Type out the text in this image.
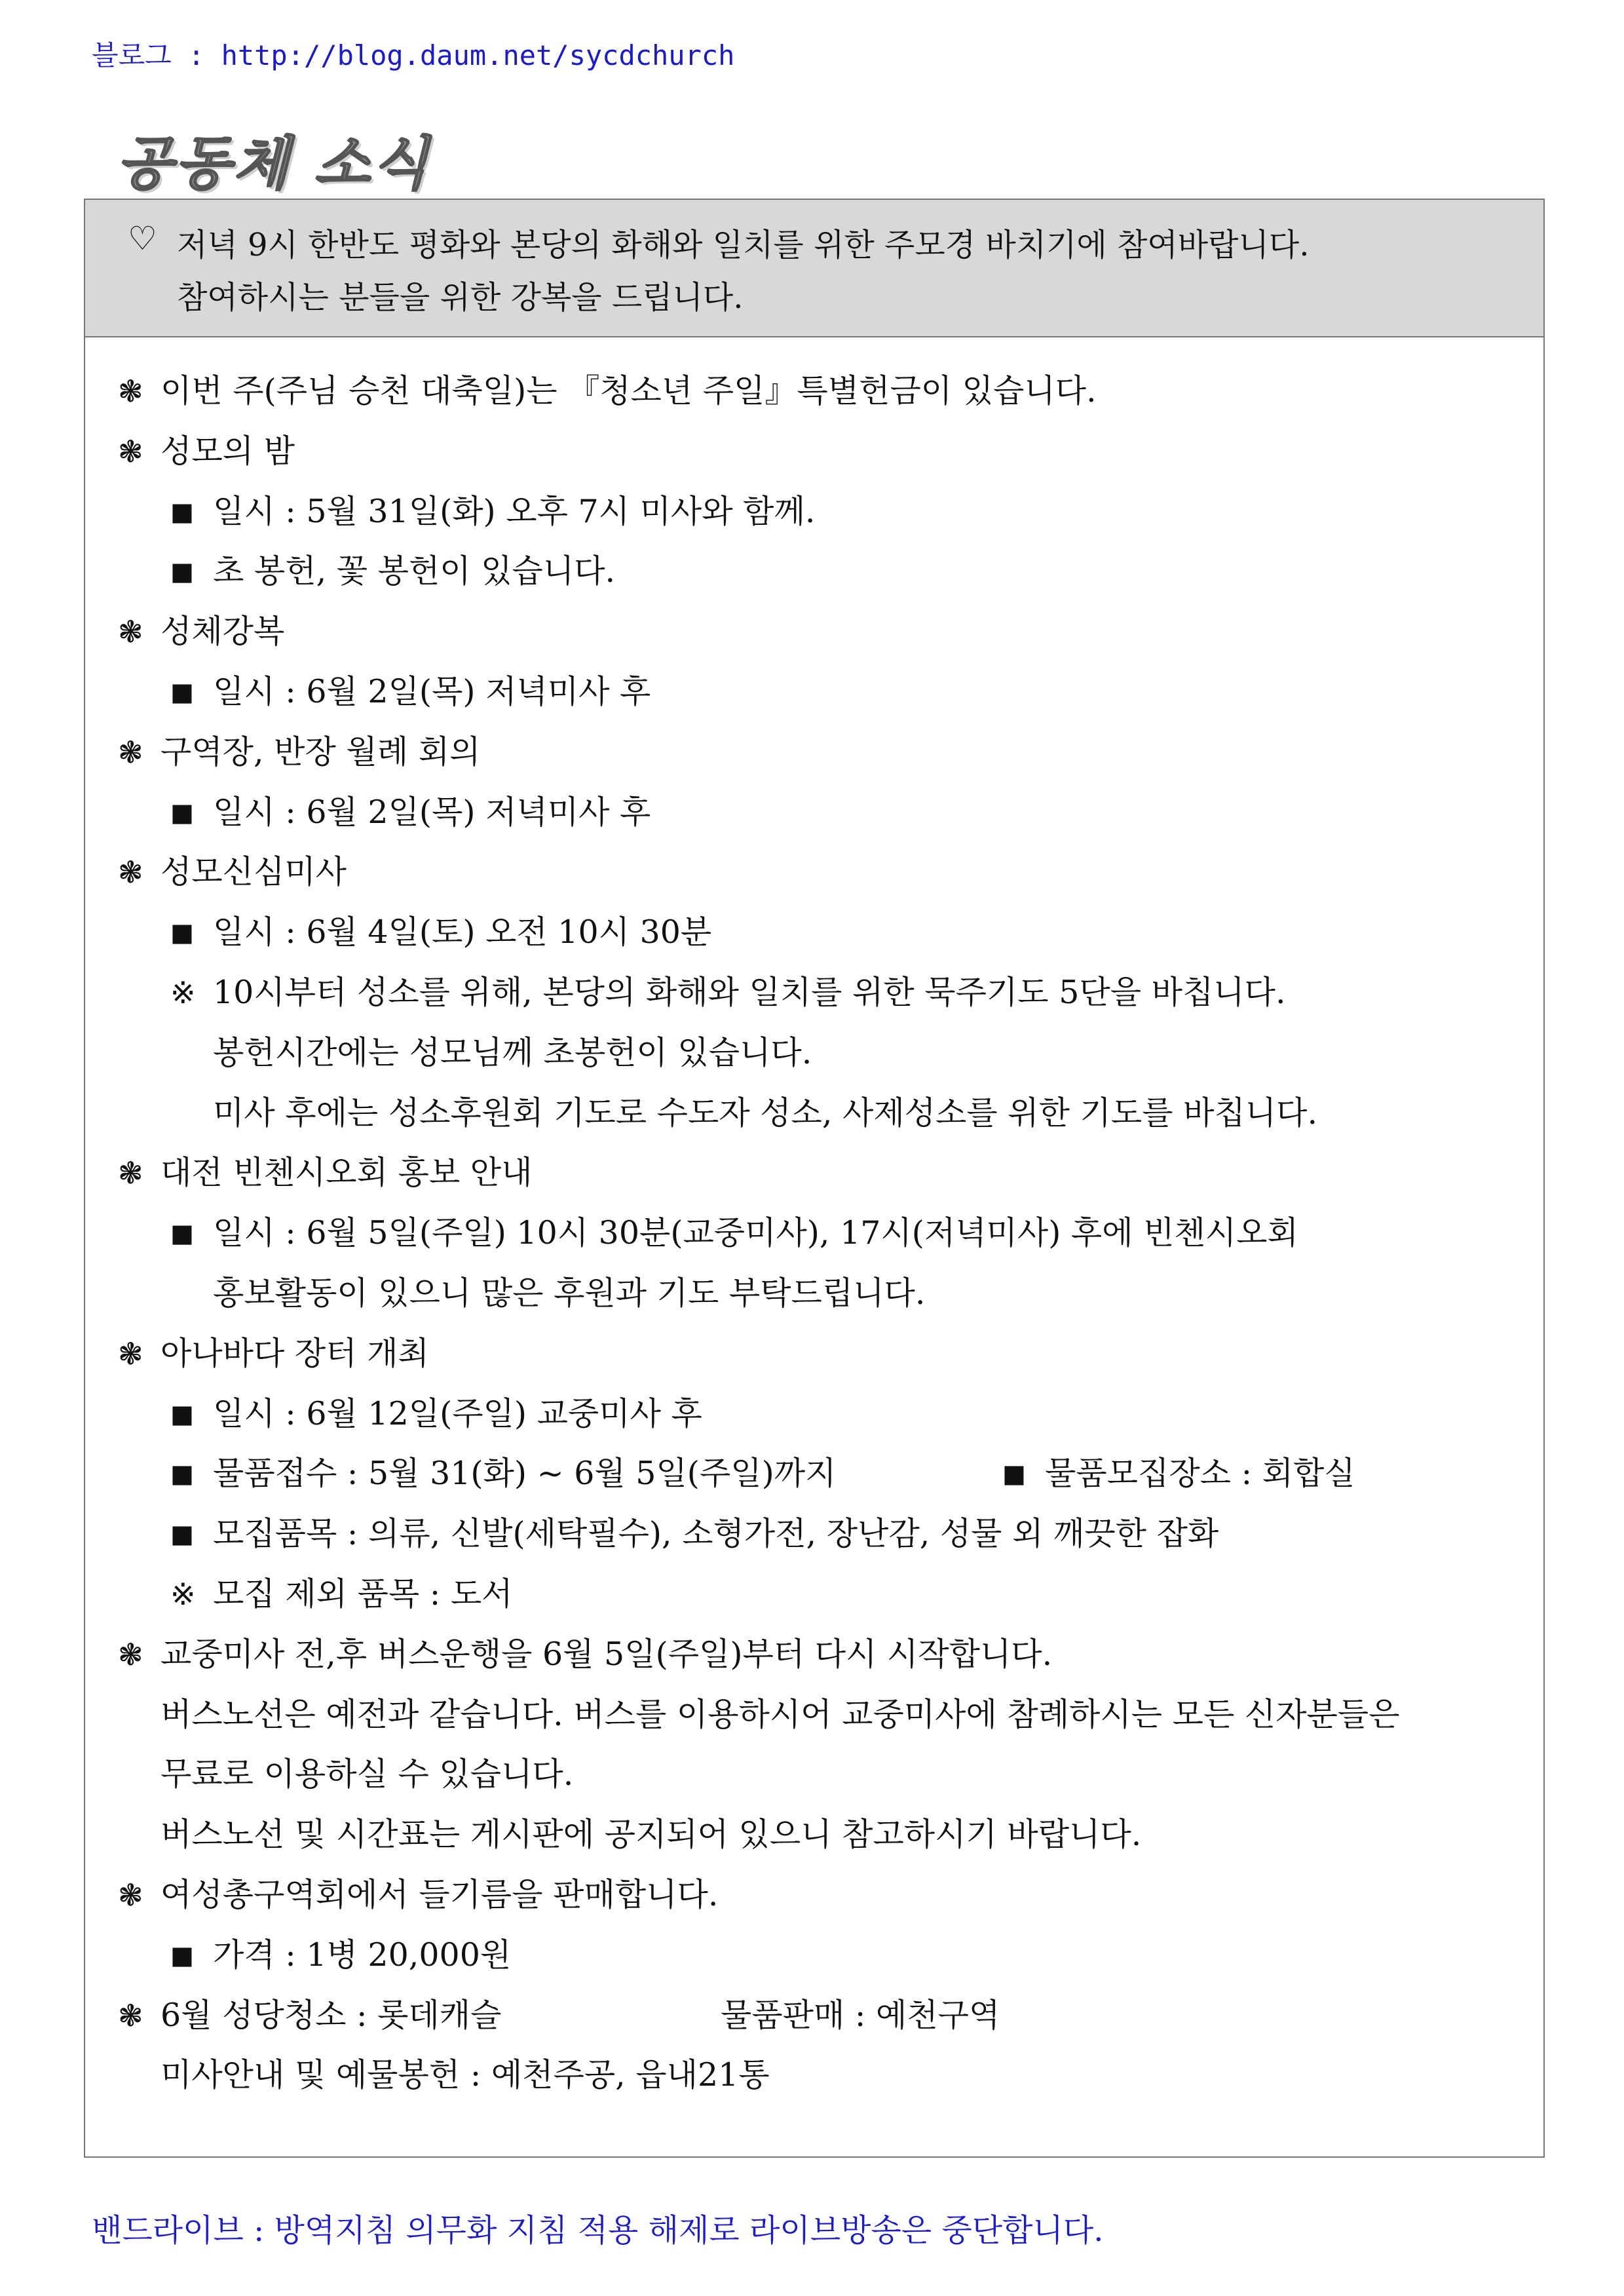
블로그 : http://blog.daum.net/sycdchurch
공동체 소식
♡ 저녁 9시 한반도 평화와 본당의 화해와 일치를 위한 주모경 바치기에 참여바랍니다.
참여하시는 분들을 위한 강복을 드립니다.
❃ 이번 주(주님 승천 대축일)는 『청소년 주일』특별헌금이 있습니다.
❃ 성모의 밤
■ 일시 : 5월 31일(화) 오후 7시 미사와 함께.
■ 초 봉헌, 꽃 봉헌이 있습니다.
❃ 성체강복
■ 일시 : 6월 2일(목) 저녁미사 후
❃ 구역장, 반장 월례 회의
■ 일시 : 6월 2일(목) 저녁미사 후
❃ 성모신심미사
■ 일시 : 6월 4일(토) 오전 10시 30분
※ 10시부터 성소를 위해, 본당의 화해와 일치를 위한 묵주기도 5단을 바칩니다.
봉헌시간에는 성모님께 초봉헌이 있습니다.
미사 후에는 성소후원회 기도로 수도자 성소, 사제성소를 위한 기도를 바칩니다.
❃ 대전 빈첸시오회 홍보 안내
■ 일시 : 6월 5일(주일) 10시 30분(교중미사), 17시(저녁미사) 후에 빈첸시오회
홍보활동이 있으니 많은 후원과 기도 부탁드립니다.
❃ 아나바다 장터 개최
■ 일시 : 6월 12일(주일) 교중미사 후
■ 물품접수 : 5월 31(화) ~ 6월 5일(주일)까지	■ 물품모집장소 : 회합실
■ 모집품목 : 의류, 신발(세탁필수), 소형가전, 장난감, 성물 외 깨끗한 잡화
※ 모집 제외 품목 : 도서
❃ 교중미사 전,후 버스운행을 6월 5일(주일)부터 다시 시작합니다.
버스노선은 예전과 같습니다. 버스를 이용하시어 교중미사에 참례하시는 모든 신자분들은
무료로 이용하실 수 있습니다.
버스노선 및 시간표는 게시판에 공지되어 있으니 참고하시기 바랍니다.
❃ 여성총구역회에서 들기름을 판매합니다.
■ 가격 : 1병 20,000원
❃ 6월 성당청소 : 롯데캐슬	물품판매 : 예천구역
미사안내 및 예물봉헌 : 예천주공, 읍내21통
밴드라이브 : 방역지침 의무화 지침 적용 해제로 라이브방송은 중단합니다.
